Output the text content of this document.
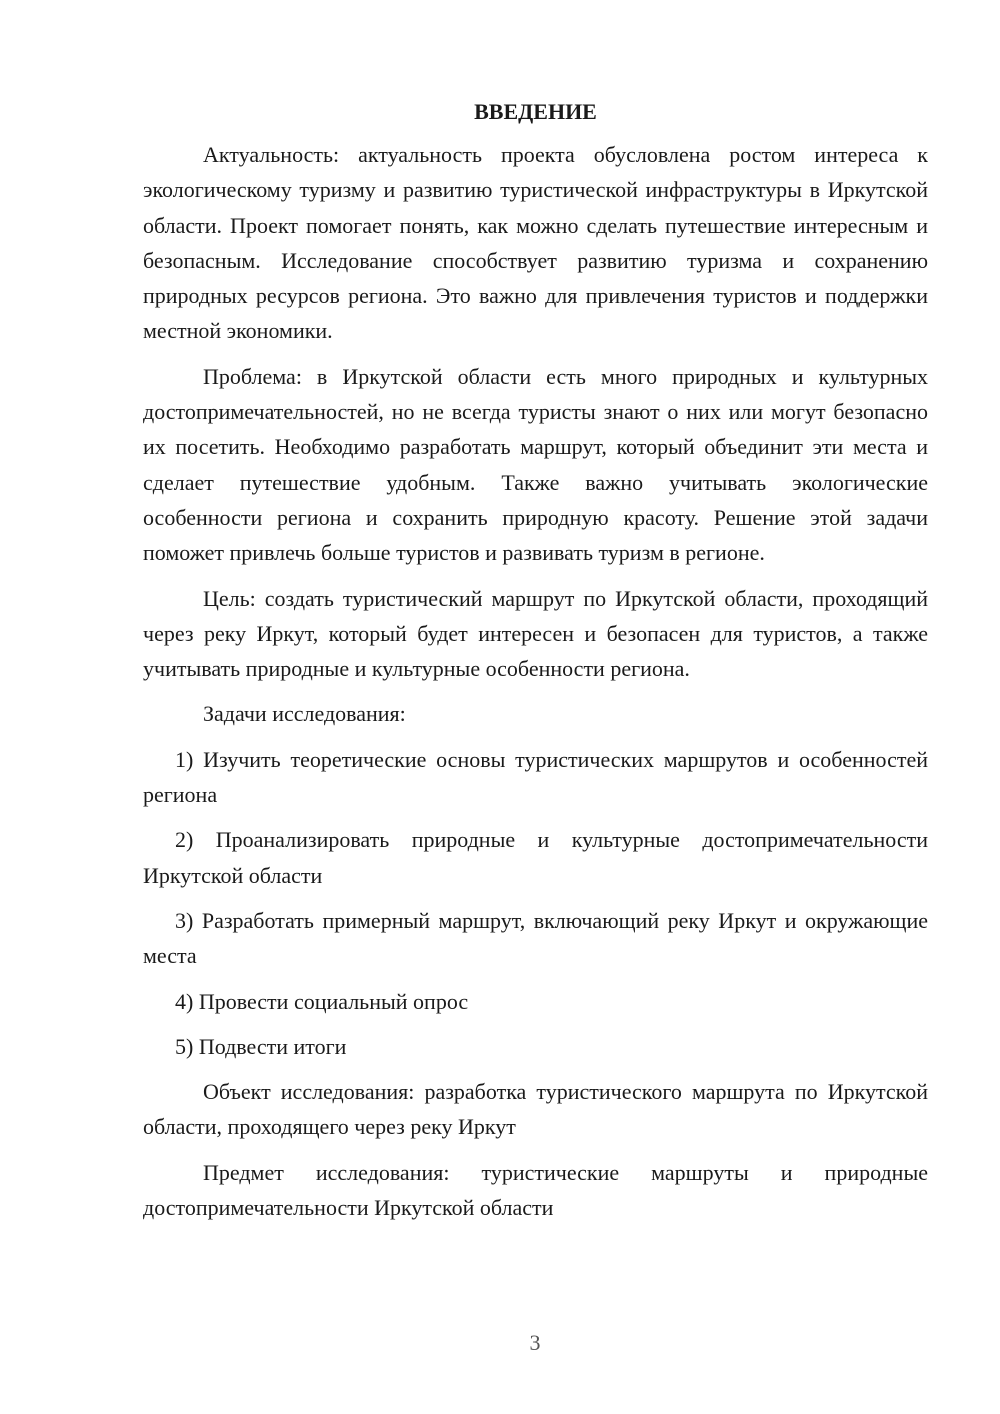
ВВЕДЕНИЕ

Актуальность: актуальность проекта обусловлена ростом интереса к экологическому туризму и развитию туристической инфраструктуры в Иркутской области. Проект помогает понять, как можно сделать путешествие интересным и безопасным. Исследование способствует развитию туризма и сохранению природных ресурсов региона. Это важно для привлечения туристов и поддержки местной экономики.

Проблема: в Иркутской области есть много природных и культурных достопримечательностей, но не всегда туристы знают о них или могут безопасно их посетить. Необходимо разработать маршрут, который объединит эти места и сделает путешествие удобным. Также важно учитывать экологические особенности региона и сохранить природную красоту. Решение этой задачи поможет привлечь больше туристов и развивать туризм в регионе.

Цель: создать туристический маршрут по Иркутской области, проходящий через реку Иркут, который будет интересен и безопасен для туристов, а также учитывать природные и культурные особенности региона.

Задачи исследования:

1) Изучить теоретические основы туристических маршрутов и особенностей региона

2) Проанализировать природные и культурные достопримечательности Иркутской области

3) Разработать примерный маршрут, включающий реку Иркут и окружающие места

4) Провести социальный опрос

5) Подвести итоги

Объект исследования: разработка туристического маршрута по Иркутской области, проходящего через реку Иркут

Предмет исследования: туристические маршруты и природные достопримечательности Иркутской области

3
